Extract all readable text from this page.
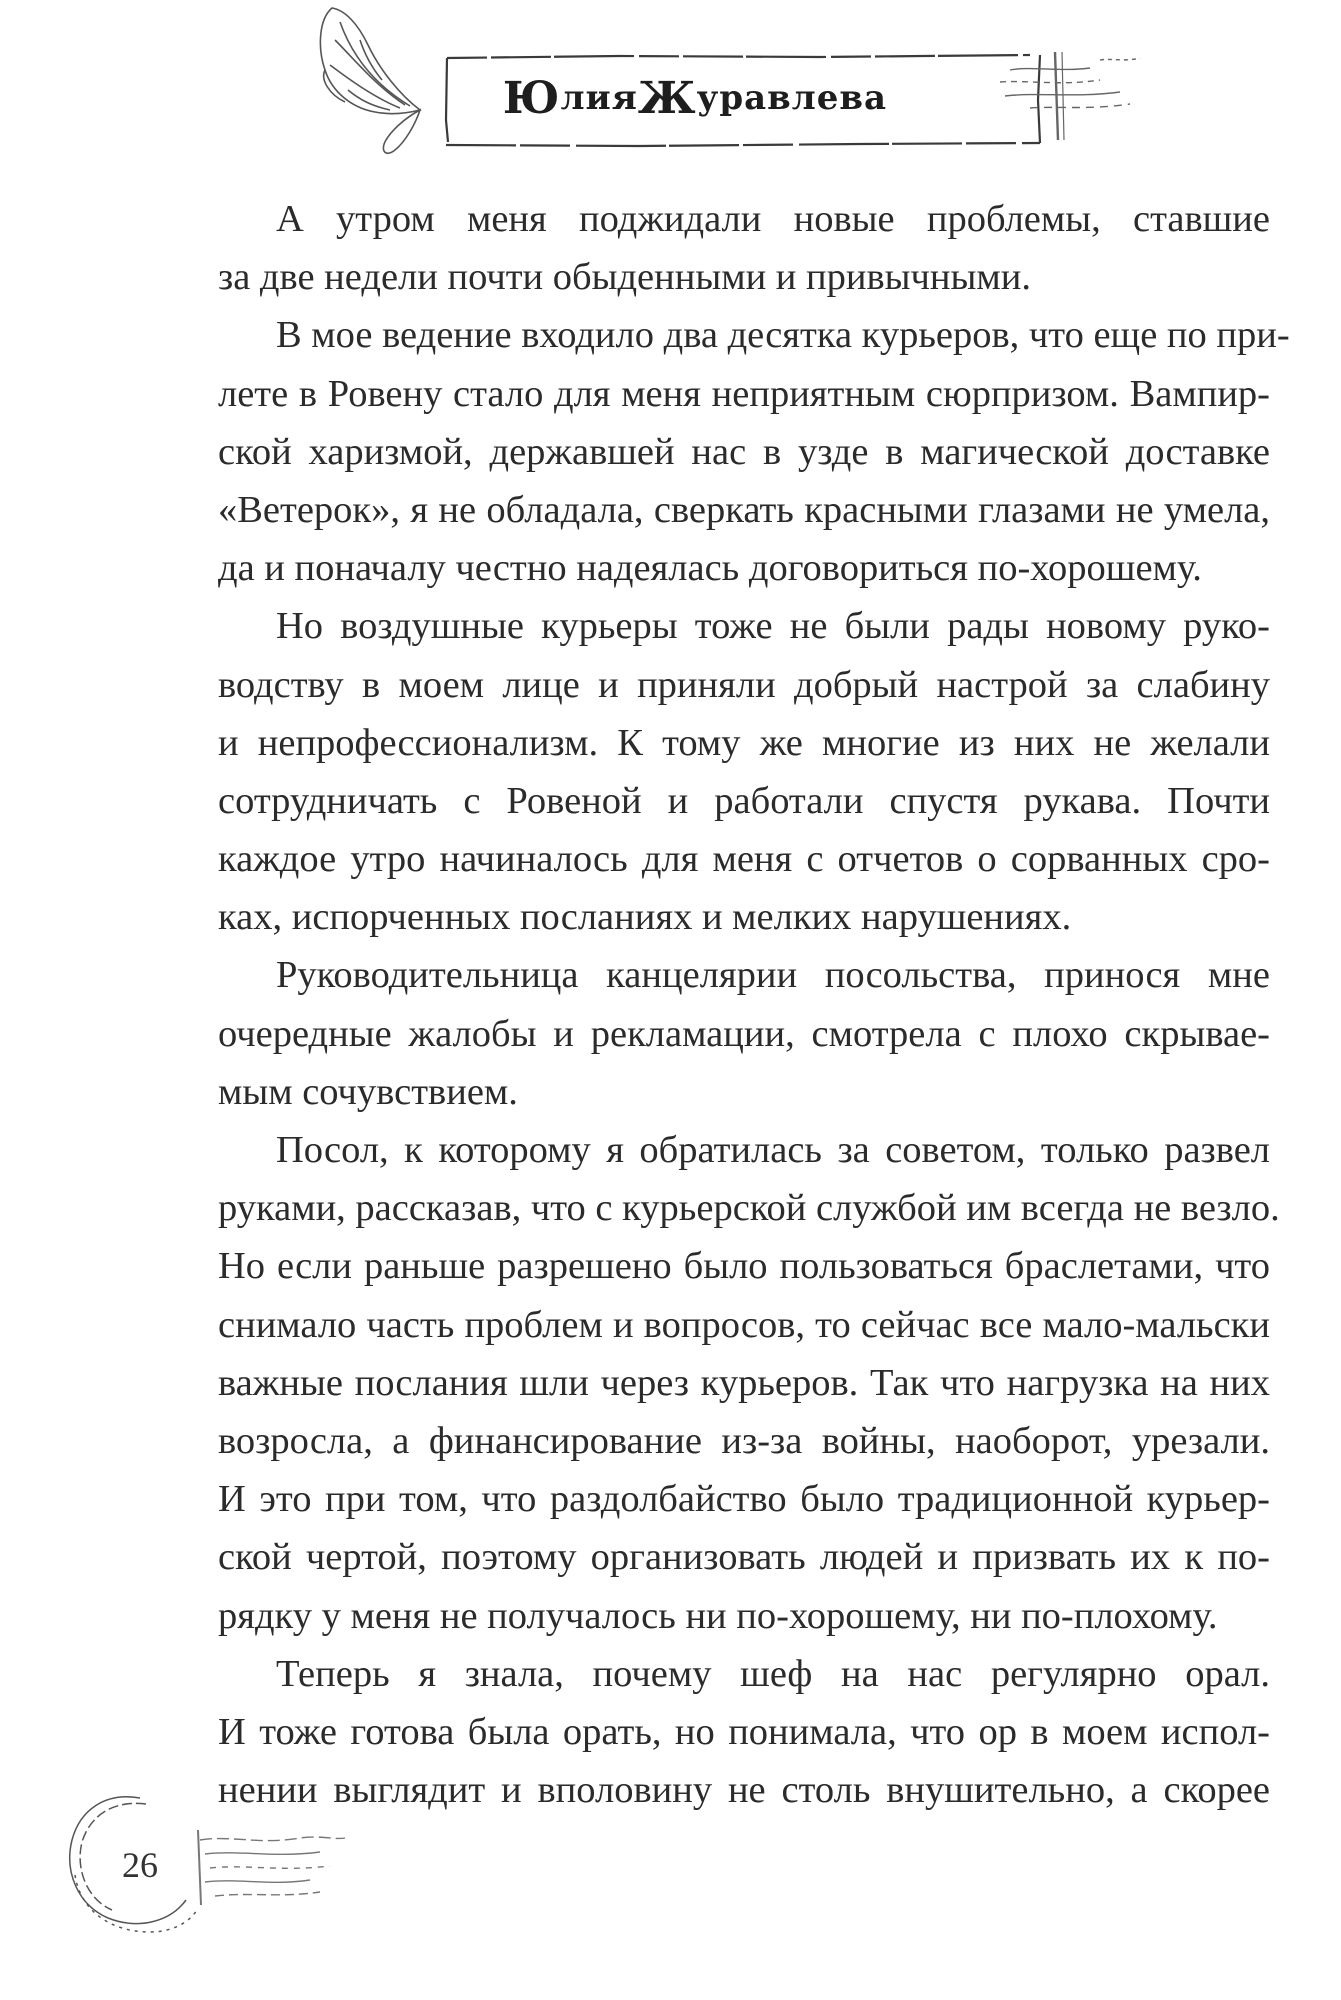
Ю лия Ж уравлева

А утром меня поджидали новые проблемы, ставшие
за две недели почти обыденными и привычными.

В мое ведение входило два десятка курьеров, что еще по при-
лете в Ровену стало для меня неприятным сюрпризом. Вампир-
ской харизмой, державшей нас в узде в магической доставке
«Ветерок», я не обладала, сверкать красными глазами не умела,
да и поначалу честно надеялась договориться по-хорошему.

Но воздушные курьеры тоже не были рады новому руко-
водству в моем лице и приняли добрый настрой за слабину
и непрофессионализм. К тому же многие из них не желали
сотрудничать с Ровеной и работали спустя рукава. Почти
каждое утро начиналось для меня с отчетов о сорванных сро-
ках, испорченных посланиях и мелких нарушениях.

Руководительница канцелярии посольства, принося мне
очередные жалобы и рекламации, смотрела с плохо скрывае-
мым сочувствием.

Посол, к которому я обратилась за советом, только развел
руками, рассказав, что с курьерской службой им всегда не везло.
Но если раньше разрешено было пользоваться браслетами, что
снимало часть проблем и вопросов, то сейчас все мало-мальски
важные послания шли через курьеров. Так что нагрузка на них
возросла, а финансирование из-за войны, наоборот, урезали.
И это при том, что раздолбайство было традиционной курьер-
ской чертой, поэтому организовать людей и призвать их к по-
рядку у меня не получалось ни по-хорошему, ни по-плохому.

Теперь я знала, почему шеф на нас регулярно орал.
И тоже готова была орать, но понимала, что ор в моем испол-
нении выглядит и вполовину не столь внушительно, а скорее

26
